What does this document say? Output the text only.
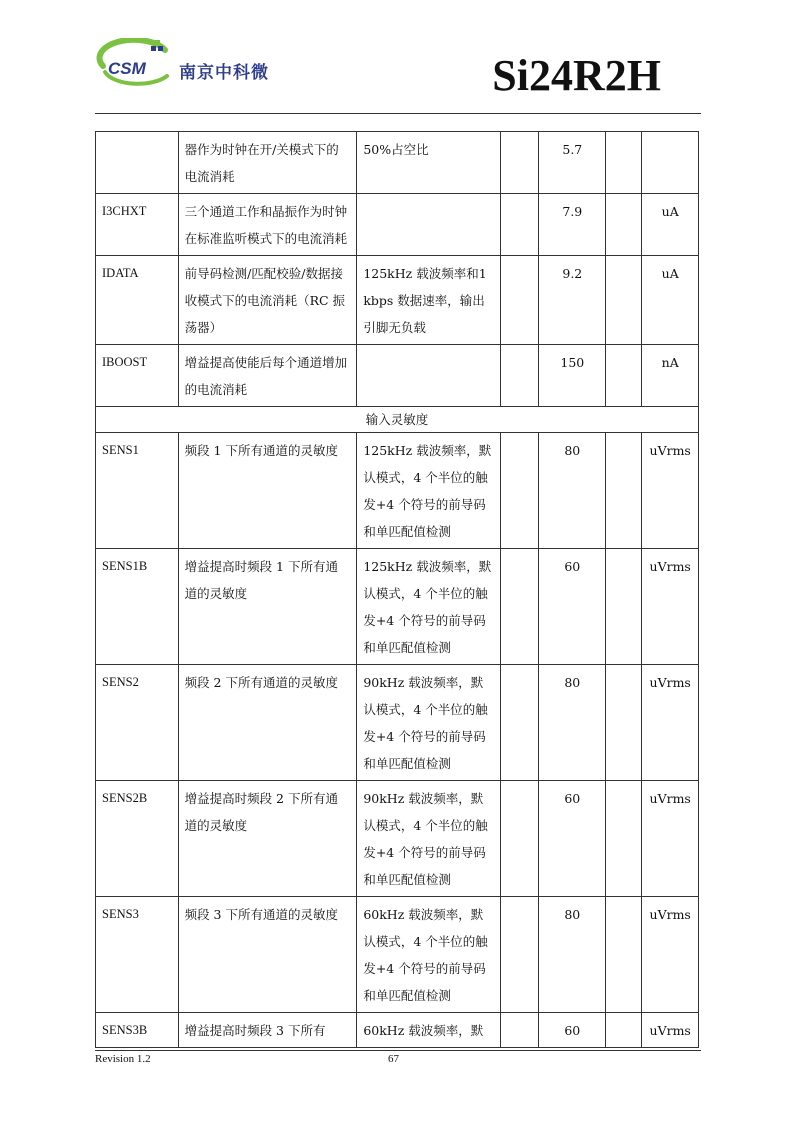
CSM 南京中科微	Si24R2H
	器作为时钟在开/关模式下的电流消耗	50%占空比		5.7		
I3CHXT	三个通道工作和晶振作为时钟在标准监听模式下的电流消耗			7.9		uA
IDATA	前导码检测/匹配校验/数据接收模式下的电流消耗（RC 振荡器）	125kHz 载波频率和1kbps 数据速率，输出引脚无负载		9.2		uA
IBOOST	增益提高使能后每个通道增加的电流消耗			150		nA
输入灵敏度						
SENS1	频段 1 下所有通道的灵敏度	125kHz 载波频率，默认模式，4 个半位的触发+4 个符号的前导码和单匹配值检测		80		uVrms
SENS1B	增益提高时频段 1 下所有通道的灵敏度	125kHz 载波频率，默认模式，4 个半位的触发+4 个符号的前导码和单匹配值检测		60		uVrms
SENS2	频段 2 下所有通道的灵敏度	90kHz 载波频率，默认模式，4 个半位的触发+4 个符号的前导码和单匹配值检测		80		uVrms
SENS2B	增益提高时频段 2 下所有通道的灵敏度	90kHz 载波频率，默认模式，4 个半位的触发+4 个符号的前导码和单匹配值检测		60		uVrms
SENS3	频段 3 下所有通道的灵敏度	60kHz 载波频率，默认模式，4 个半位的触发+4 个符号的前导码和单匹配值检测		80		uVrms
SENS3B	增益提高时频段 3 下所有	60kHz 载波频率，默		60		uVrms
Revision 1.2	67
